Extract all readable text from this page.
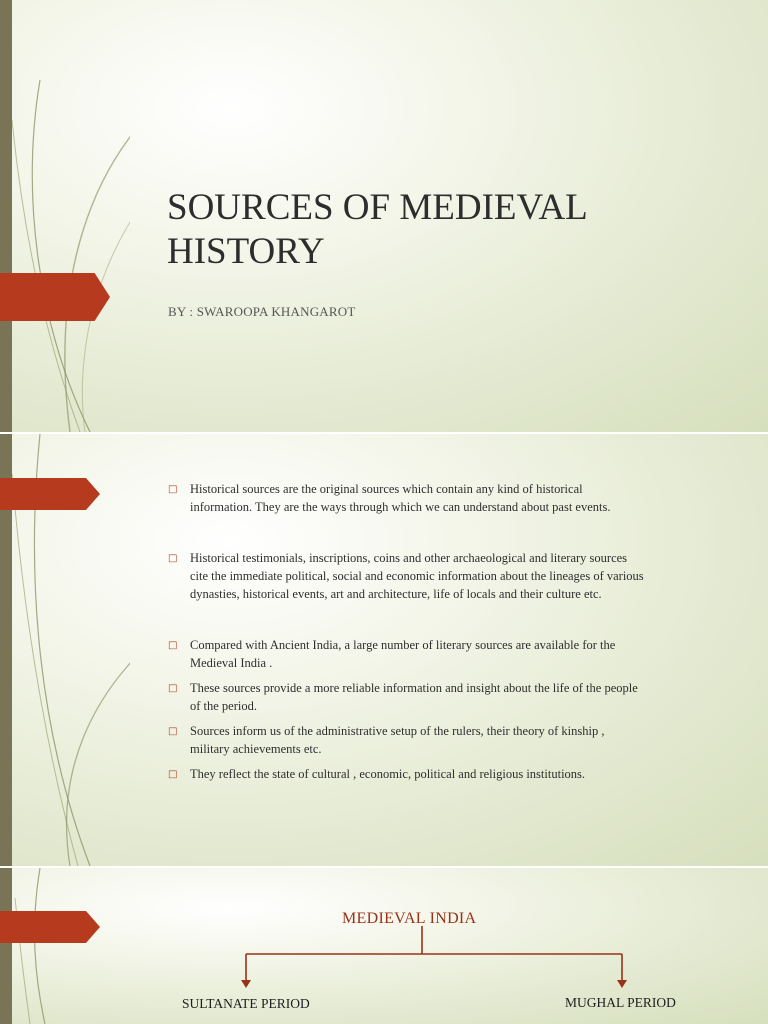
SOURCES OF MEDIEVAL
HISTORY
BY : SWAROOPA KHANGAROT
□ Historical sources are the original sources which contain any kind of historical
information. They are the ways through which we can understand about past events.
□ Historical testimonials, inscriptions, coins and other archaeological and literary sources
cite the immediate political, social and economic information about the lineages of various
dynasties, historical events, art and architecture, life of locals and their culture etc.
□ Compared with Ancient India, a large number of literary sources are available for the
Medieval India .
□ These sources provide a more reliable information and insight about the life of the people
of the period.
□ Sources inform us of the administrative setup of the rulers, their theory of kinship ,
military achievements etc.
□ They reflect the state of cultural , economic, political and religious institutions.
MEDIEVAL INDIA
SULTANATE PERIOD	MUGHAL PERIOD
